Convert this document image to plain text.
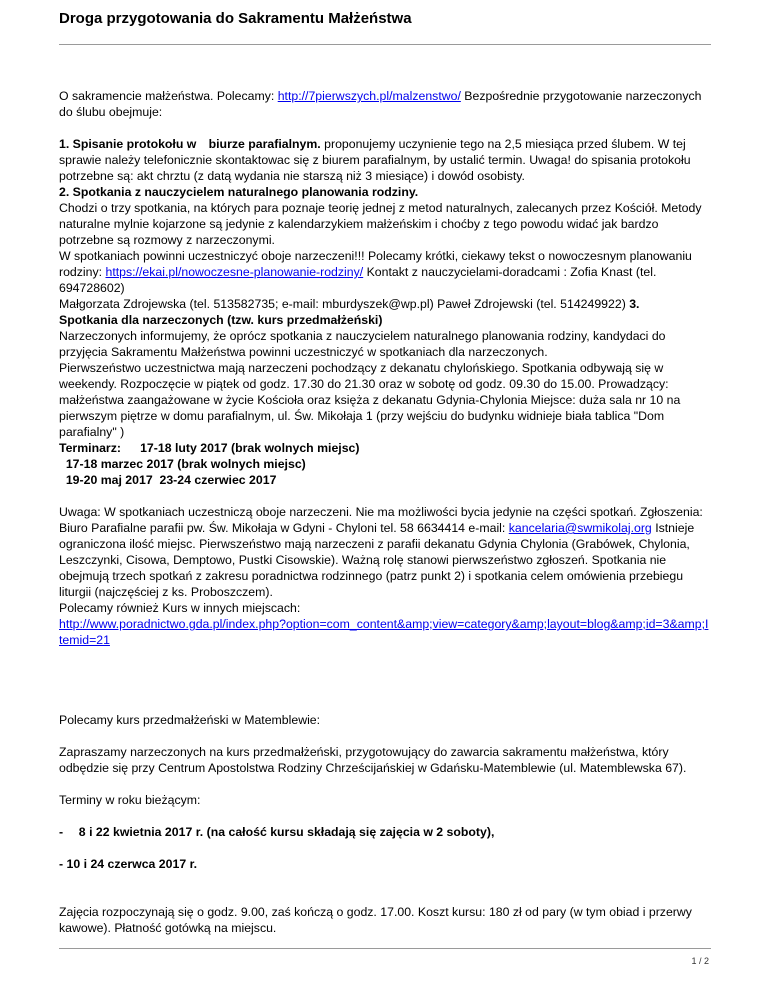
Droga przygotowania do Sakramentu Małżeństwa

O sakramencie małżeństwa. Polecamy: http://7pierwszych.pl/malzenstwo/ Bezpośrednie przygotowanie narzeczonych do ślubu obejmuje:

1. Spisanie protokołu w biurze parafialnym. proponujemy uczynienie tego na 2,5 miesiąca przed ślubem. W tej sprawie należy telefonicznie skontaktowac się z biurem parafialnym, by ustalić termin. Uwaga! do spisania protokołu potrzebne są: akt chrztu (z datą wydania nie starszą niż 3 miesiące) i dowód osobisty.

2. Spotkania z nauczycielem naturalnego planowania rodziny.

Chodzi o trzy spotkania, na których para poznaje teorię jednej z metod naturalnych, zalecanych przez Kościół. Metody naturalne mylnie kojarzone są jedynie z kalendarzykiem małżeńskim i choćby z tego powodu widać jak bardzo potrzebne są rozmowy z narzeczonymi.

W spotkaniach powinni uczestniczyć oboje narzeczeni!!! Polecamy krótki, ciekawy tekst o nowoczesnym planowaniu rodziny: https://ekai.pl/nowoczesne-planowanie-rodziny/ Kontakt z nauczycielami-doradcami : Zofia Knast (tel. 694728602)

Małgorzata Zdrojewska (tel. 513582735; e-mail: mburdyszek@wp.pl) Paweł Zdrojewski (tel. 514249922) 3.

Spotkania dla narzeczonych (tzw. kurs przedmałżeński)

Narzeczonych informujemy, że oprócz spotkania z nauczycielem naturalnego planowania rodziny, kandydaci do przyjęcia Sakramentu Małżeństwa powinni uczestniczyć w spotkaniach dla narzeczonych.

Pierwszeństwo uczestnictwa mają narzeczeni pochodzący z dekanatu chylońskiego. Spotkania odbywają się w weekendy. Rozpoczęcie w piątek od godz. 17.30 do 21.30 oraz w sobotę od godz. 09.30 do 15.00. Prowadzący: małżeństwa zaangażowane w życie Kościoła oraz księża z dekanatu Gdynia-Chylonia Miejsce: duża sala nr 10 na pierwszym piętrze w domu parafialnym, ul. Św. Mikołaja 1 (przy wejściu do budynku widnieje biała tablica "Dom parafialny" )

Terminarz:   17-18 luty 2017 (brak wolnych miejsc)

17-18 marzec 2017 (brak wolnych miejsc)

19-20 maj 2017  23-24 czerwiec 2017

Uwaga: W spotkaniach uczestniczą oboje narzeczeni. Nie ma możliwości bycia jedynie na części spotkań. Zgłoszenia: Biuro Parafialne parafii pw. Św. Mikołaja w Gdyni - Chyloni tel. 58 6634414 e-mail: kancelaria@swmikolaj.org Istnieje ograniczona ilość miejsc. Pierwszeństwo mają narzeczeni z parafii dekanatu Gdynia Chylonia (Grabówek, Chylonia, Leszczynki, Cisowa, Demptowo, Pustki Cisowskie). Ważną rolę stanowi pierwszeństwo zgłoszeń. Spotkania nie obejmują trzech spotkań z zakresu poradnictwa rodzinnego (patrz punkt 2) i spotkania celem omówienia przebiegu liturgii (najczęściej z ks. Proboszczem).

Polecamy również Kurs w innych miejscach:

http://www.poradnictwo.gda.pl/index.php?option=com_content&amp;view=category&amp;layout=blog&amp;id=3&amp;Itemid=21

Polecamy kurs przedmałżeński w Matemblewie:

Zapraszamy narzeczonych na kurs przedmałżeński, przygotowujący do zawarcia sakramentu małżeństwa, który odbędzie się przy Centrum Apostolstwa Rodziny Chrześcijańskiej w Gdańsku-Matemblewie (ul. Matemblewska 67).

Terminy w roku bieżącym:

-  8 i 22 kwietnia 2017 r. (na całość kursu składają się zajęcia w 2 soboty),

- 10 i 24 czerwca 2017 r.

Zajęcia rozpoczynają się o godz. 9.00, zaś kończą o godz. 17.00. Koszt kursu: 180 zł od pary (w tym obiad i przerwy kawowe). Płatność gotówką na miejscu.

1 / 2
